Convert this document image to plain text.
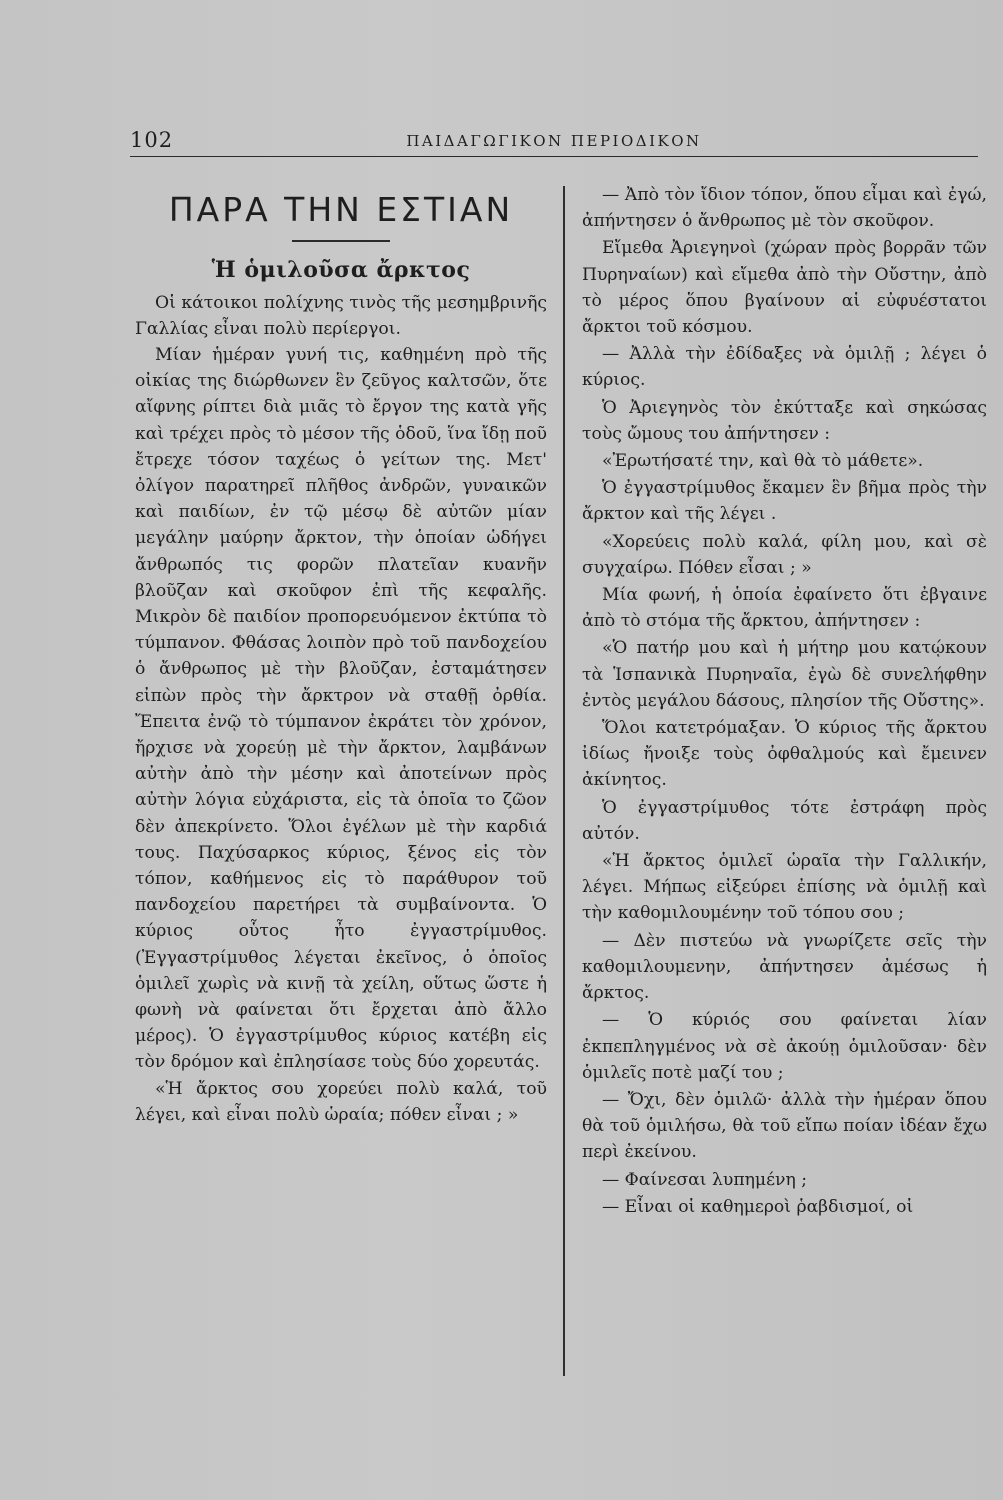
102	ΠΑΙΔΑΓΩΓΙΚΟΝ ΠΕΡΙΟΔΙΚΟΝ
ΠΑΡΑ ΤΗΝ ΕΣΤΙΑΝ
Ἡ ὁμιλοῦσα ἄρκτος

Οἱ κάτοικοι πολίχνης τινὸς τῆς μεσημβρινῆς Γαλλίας εἶναι πολὺ περίεργοι.

Μίαν ἡμέραν γυνή τις, καθημένη πρὸ τῆς οἰκίας της διώρθωνεν ἓν ζεῦγος καλτσῶν, ὅτε αἴφνης ρίπτει διὰ μιᾶς τὸ ἔργον της κατὰ γῆς καὶ τρέχει πρὸς τὸ μέσον τῆς ὁδοῦ, ἵνα ἴδῃ ποῦ ἔτρεχε τόσον ταχέως ὁ γείτων της. Μετ' ὀλίγον παρατηρεῖ πλῆθος ἀνδρῶν, γυναικῶν καὶ παιδίων, ἐν τῷ μέσῳ δὲ αὐτῶν μίαν μεγάλην μαύρην ἄρκτον, τὴν ὁποίαν ὡδήγει ἄνθρωπός τις φορῶν πλατεῖαν κυανῆν βλοῦζαν καὶ σκοῦφον ἐπὶ τῆς κεφαλῆς. Μικρὸν δὲ παιδίον προπορευόμενον ἐκτύπα τὸ τύμπανον. Φθάσας λοιπὸν πρὸ τοῦ πανδοχείου ὁ ἄνθρωπος μὲ τὴν βλοῦζαν, ἐσταμάτησεν εἰπὼν πρὸς τὴν ἄρκτρον νὰ σταθῇ ὀρθία. Ἔπειτα ἐνῷ τὸ τύμπανον ἐκράτει τὸν χρόνον, ἤρχισε νὰ χορεύῃ μὲ τὴν ἄρκτον, λαμβάνων αὐτὴν ἀπὸ τὴν μέσην καὶ ἀποτείνων πρὸς αὐτὴν λόγια εὐχάριστα, εἰς τὰ ὁποῖα το ζῶον δὲν ἀπεκρίνετο. Ὅλοι ἐγέλων μὲ τὴν καρδιά τους. Παχύσαρκος κύριος, ξένος εἰς τὸν τόπον, καθήμενος εἰς τὸ παράθυρον τοῦ πανδοχείου παρετήρει τὰ συμβαίνοντα. Ὁ κύριος οὗτος ἦτο ἐγγαστρίμυθος. (Ἐγγαστρίμυθος λέγεται ἐκεῖνος, ὁ ὁποῖος ὁμιλεῖ χωρὶς νὰ κινῇ τὰ χείλη, οὕτως ὥστε ἡ φωνὴ νὰ φαίνεται ὅτι ἔρχεται ἀπὸ ἄλλο μέρος). Ὁ ἐγγαστρίμυθος κύριος κατέβη εἰς τὸν δρόμον καὶ ἐπλησίασε τοὺς δύο χορευτάς.

«Ἡ ἄρκτος σου χορεύει πολὺ καλά, τοῦ λέγει, καὶ εἶναι πολὺ ὡραία; πόθεν εἶναι ; »

— Ἀπὸ τὸν ἴδιον τόπον, ὅπου εἶμαι καὶ ἐγώ, ἀπήντησεν ὁ ἄνθρωπος μὲ τὸν σκοῦφον.

Εἴμεθα Ἀριεγηνοὶ (χώραν πρὸς βορρᾶν τῶν Πυρηναίων) καὶ εἴμεθα ἀπὸ τὴν Οὔστην, ἀπὸ τὸ μέρος ὅπου βγαίνουν αἱ εὐφυέστατοι ἄρκτοι τοῦ κόσμου.

— Ἀλλὰ τὴν ἐδίδαξες νὰ ὁμιλῇ ; λέγει ὁ κύριος.

Ὁ Ἀριεγηνὸς τὸν ἐκύτταξε καὶ σηκώσας τοὺς ὤμους του ἀπήντησεν :

«Ἐρωτήσατέ την, καὶ θὰ τὸ μάθετε».

Ὁ ἐγγαστρίμυθος ἔκαμεν ἓν βῆμα πρὸς τὴν ἄρκτον καὶ τῆς λέγει .

«Χορεύεις πολὺ καλά, φίλη μου, καὶ σὲ συγχαίρω. Πόθεν εἶσαι ; »

Μία φωνή, ἡ ὁποία ἐφαίνετο ὅτι ἐβγαινε ἀπὸ τὸ στόμα τῆς ἄρκτου, ἀπήντησεν :

«Ὁ πατήρ μου καὶ ἡ μήτηρ μου κατῴκουν τὰ Ἱσπανικὰ Πυρηναῖα, ἐγὼ δὲ συνελήφθην ἐντὸς μεγάλου δάσους, πλησίον τῆς Οὔστης».

Ὅλοι κατετρόμαξαν. Ὁ κύριος τῆς ἄρκτου ἰδίως ἤνοιξε τοὺς ὀφθαλμούς καὶ ἔμεινεν ἀκίνητος.

Ὁ ἐγγαστρίμυθος τότε ἐστράφη πρὸς αὐτόν.

«Ἡ ἄρκτος ὁμιλεῖ ὡραῖα τὴν Γαλλικήν, λέγει. Μήπως εἰξεύρει ἐπίσης νὰ ὁμιλῇ καὶ τὴν καθομιλουμένην τοῦ τόπου σου ;

— Δὲν πιστεύω νὰ γνωρίζετε σεῖς τὴν καθομιλουμενην, ἀπήντησεν ἀμέσως ἡ ἄρκτος.

— Ὁ κύριός σου φαίνεται λίαν ἐκπεπληγμένος νὰ σὲ ἀκούῃ ὁμιλοῦσαν· δὲν ὁμιλεῖς ποτὲ μαζί του ;

— Ὄχι, δὲν ὁμιλῶ· ἀλλὰ τὴν ἡμέραν ὅπου θὰ τοῦ ὁμιλήσω, θὰ τοῦ εἴπω ποίαν ἰδέαν ἔχω περὶ ἐκείνου.

— Φαίνεσαι λυπημένη ;

— Εἶναι οἱ καθημεροὶ ῥαβδισμοί, οἱ
